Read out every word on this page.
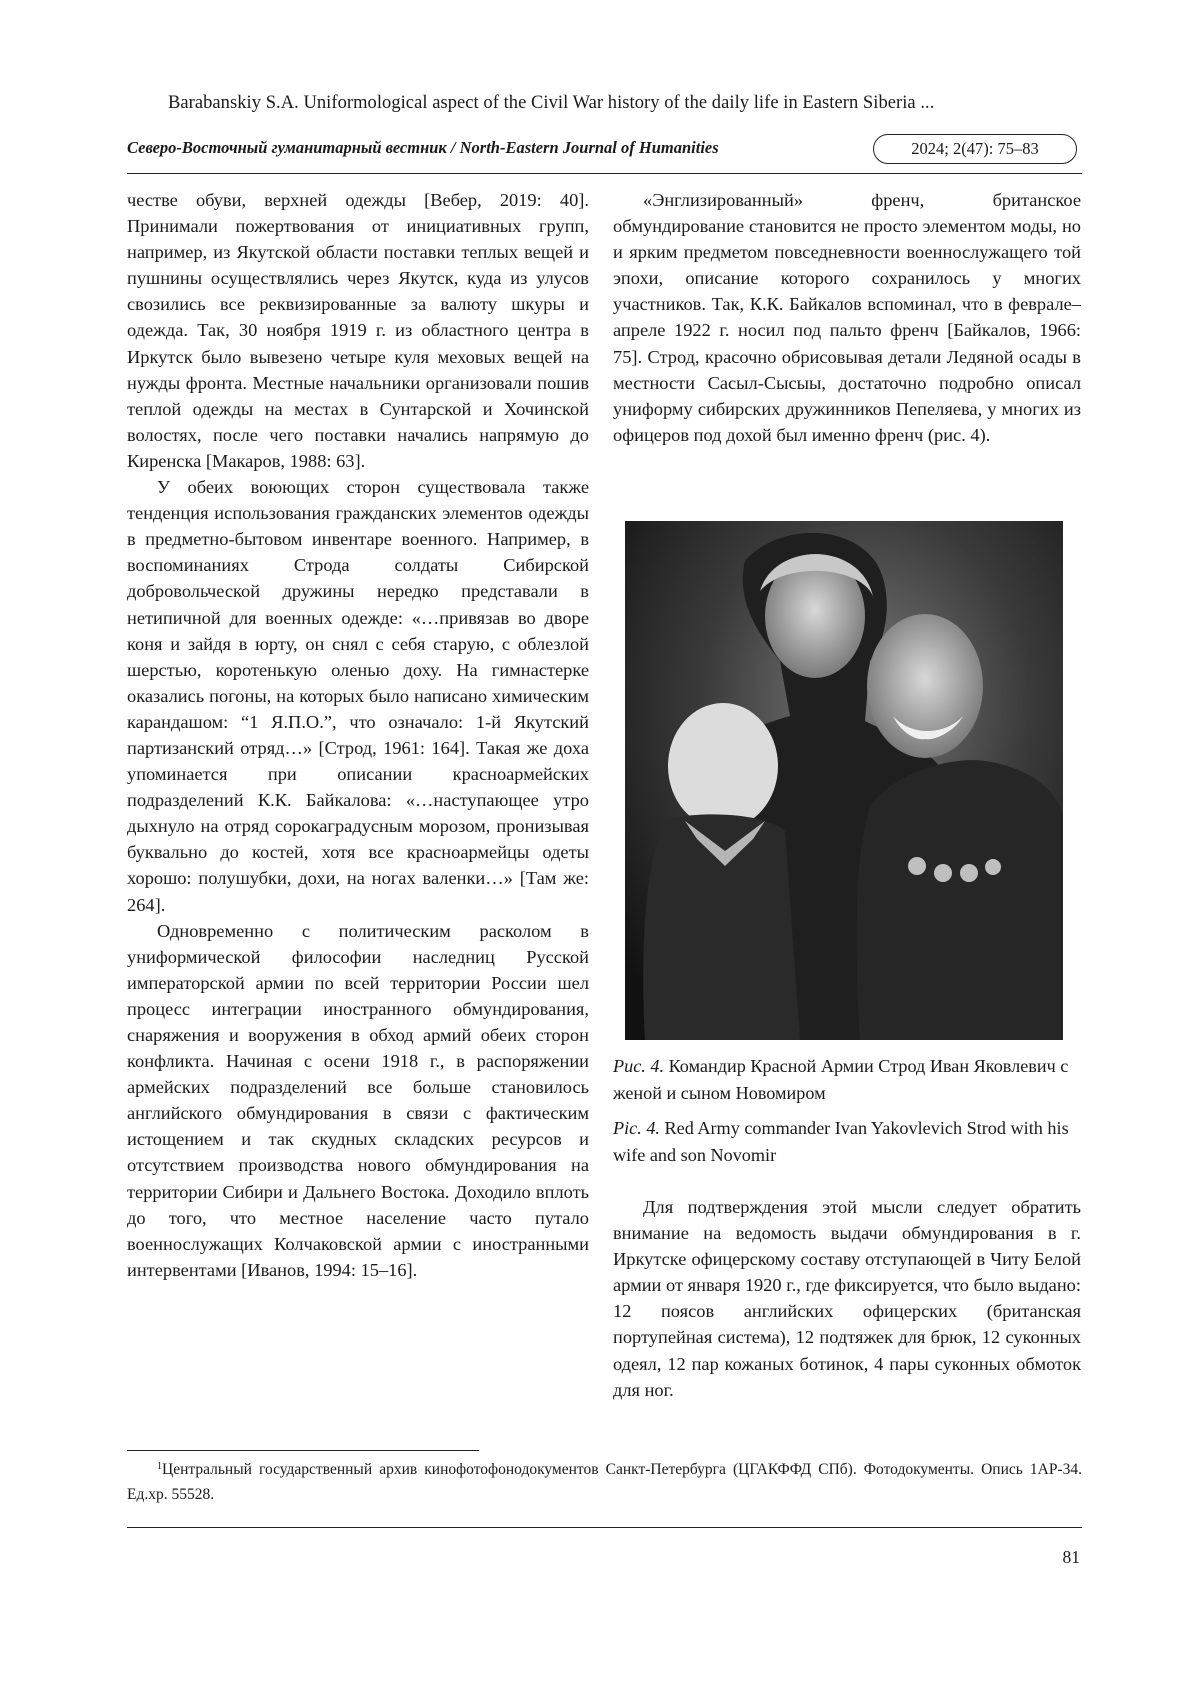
Barabanskiy S.A. Uniformological aspect of the Civil War history of the daily life in Eastern Siberia ...
Северо-Восточный гуманитарный вестник / North-Eastern Journal of Humanities	2024; 2(47): 75–83

честве обуви, верхней одежды [Вебер, 2019: 40]. Принимали пожертвования от инициативных групп, например, из Якутской области поставки теплых вещей и пушнины осуществлялись через Якутск, куда из улусов свозились все реквизированные за валюту шкуры и одежда. Так, 30 ноября 1919 г. из областного центра в Иркутск было вывезено четыре куля меховых вещей на нужды фронта. Местные начальники организовали пошив теплой одежды на местах в Сунтарской и Хочинской волостях, после чего поставки начались напрямую до Киренска [Макаров, 1988: 63].

У обеих воюющих сторон существовала также тенденция использования гражданских элементов одежды в предметно-бытовом инвентаре военного. Например, в воспоминаниях Строда солдаты Сибирской добровольческой дружины нередко представали в нетипичной для военных одежде: «…привязав во дворе коня и зайдя в юрту, он снял с себя старую, с облезлой шерстью, коротенькую оленью доху. На гимнастерке оказались погоны, на которых было написано химическим карандашом: “1 Я.П.О.”, что означало: 1-й Якутский партизанский отряд…» [Строд, 1961: 164]. Такая же доха упоминается при описании красноармейских подразделений К.К. Байкалова: «…наступающее утро дыхнуло на отряд сорокаградусным морозом, пронизывая буквально до костей, хотя все красноармейцы одеты хорошо: полушубки, дохи, на ногах валенки…» [Там же: 264].

Одновременно с политическим расколом в униформической философии наследниц Русской императорской армии по всей территории России шел процесс интеграции иностранного обмундирования, снаряжения и вооружения в обход армий обеих сторон конфликта. Начиная с осени 1918 г., в распоряжении армейских подразделений все больше становилось английского обмундирования в связи с фактическим истощением и так скудных складских ресурсов и отсутствием производства нового обмундирования на территории Сибири и Дальнего Востока. Доходило вплоть до того, что местное население часто путало военнослужащих Колчаковской армии с иностранными интервентами [Иванов, 1994: 15–16].

«Энглизированный» френч, британское обмундирование становится не просто элементом моды, но и ярким предметом повседневности военнослужащего той эпохи, описание которого сохранилось у многих участников. Так, К.К. Байкалов вспоминал, что в феврале–апреле 1922 г. носил под пальто френч [Байкалов, 1966: 75]. Строд, красочно обрисовывая детали Ледяной осады в местности Сасыл-Сысыы, достаточно подробно описал униформу сибирских дружинников Пепеляева, у многих из офицеров под дохой был именно френч (рис. 4).

Рис. 4. Командир Красной Армии Строд Иван Яковлевич с женой и сыном Новомиром
Pic. 4. Red Army commander Ivan Yakovlevich Strod with his wife and son Novomir

Для подтверждения этой мысли следует обратить внимание на ведомость выдачи обмундирования в г. Иркутске офицерскому составу отступающей в Читу Белой армии от января 1920 г., где фиксируется, что было выдано: 12 поясов английских офицерских (британская портупейная система), 12 подтяжек для брюк, 12 суконных одеял, 12 пар кожаных ботинок, 4 пары суконных обмоток для ног.

$^1$Центральный государственный архив кинофотофонодокументов Санкт-Петербурга (ЦГАКФФД СПб). Фотодокументы. Опись 1АР-34. Ед.хр. 55528.
81
